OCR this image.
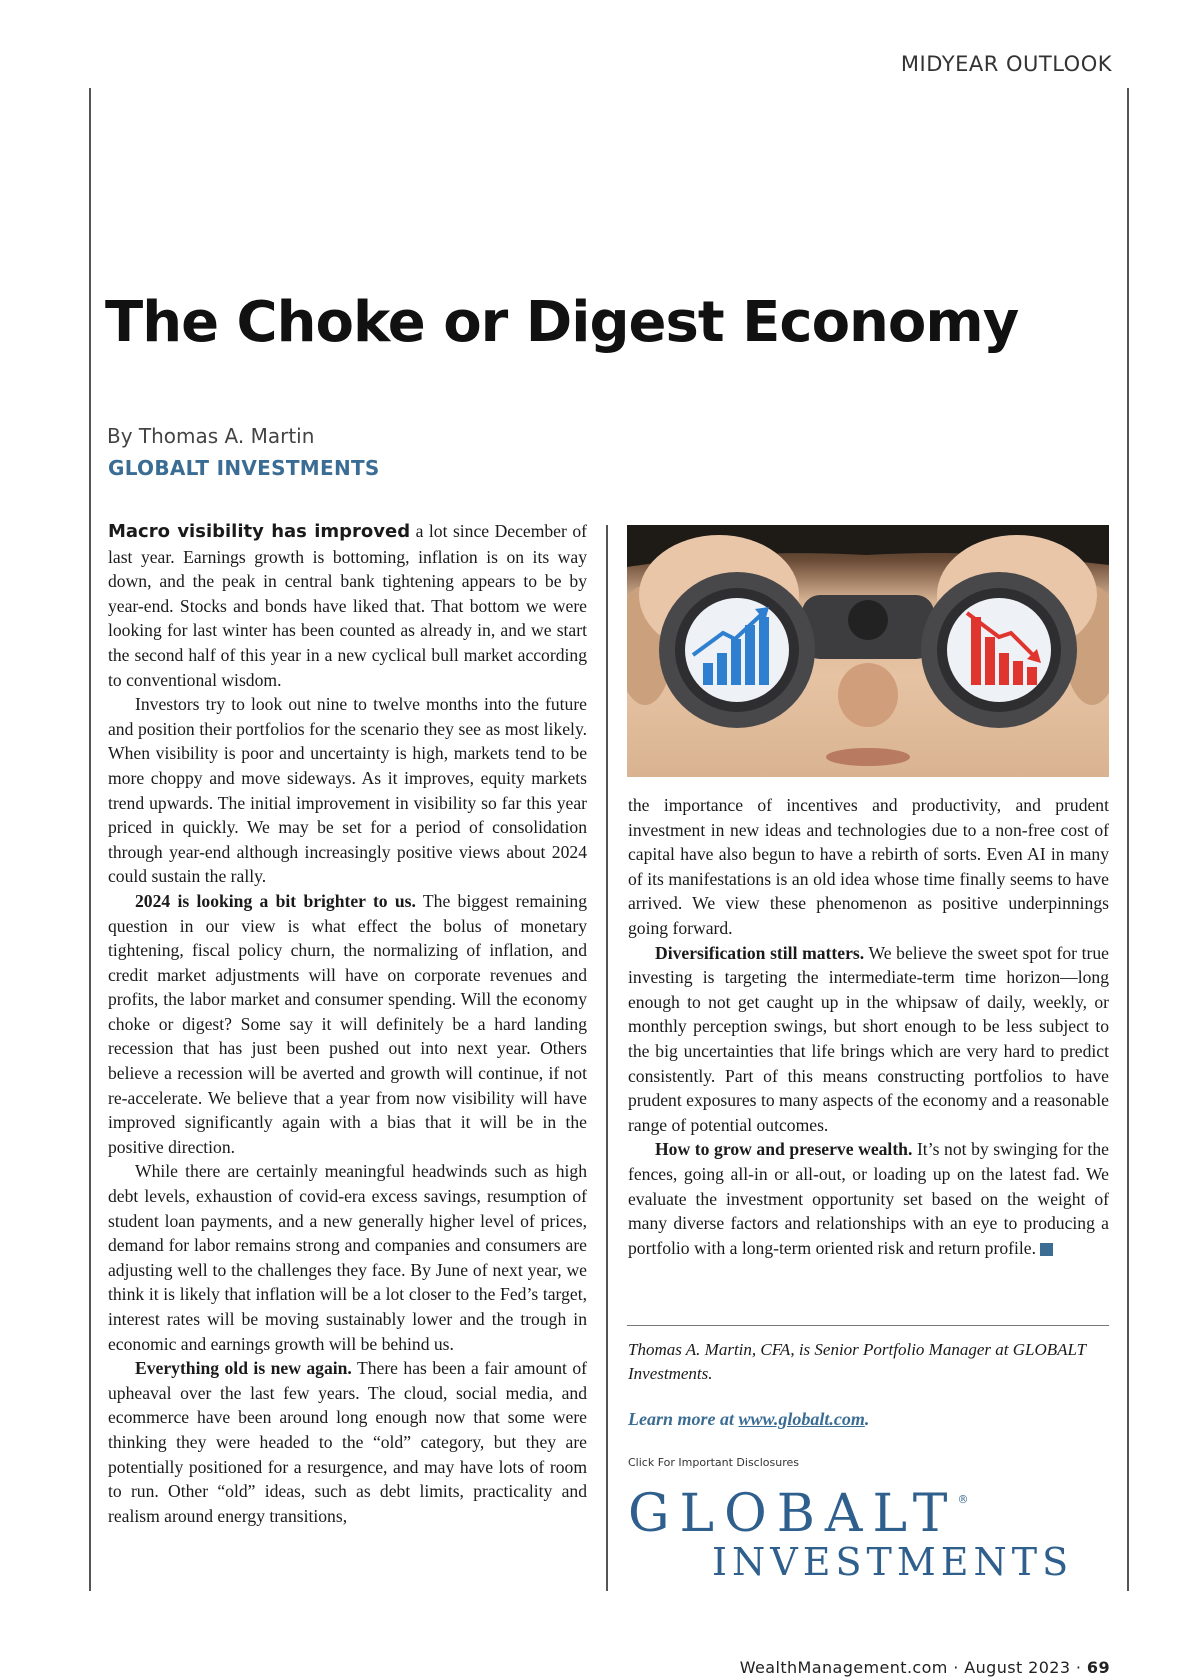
MIDYEAR OUTLOOK
The Choke or Digest Economy
By Thomas A. Martin
GLOBALT INVESTMENTS

Macro visibility has improved a lot since December of last year. Earnings growth is bottoming, inflation is on its way down, and the peak in central bank tightening appears to be by year-end. Stocks and bonds have liked that. That bottom we were looking for last winter has been counted as already in, and we start the second half of this year in a new cyclical bull market according to conventional wisdom.

Investors try to look out nine to twelve months into the future and position their portfolios for the scenario they see as most likely. When visibility is poor and uncertainty is high, markets tend to be more choppy and move sideways. As it improves, equity markets trend upwards. The initial improvement in visibility so far this year priced in quickly. We may be set for a period of consolidation through year-end although increasingly positive views about 2024 could sustain the rally.

2024 is looking a bit brighter to us. The biggest remaining question in our view is what effect the bolus of monetary tightening, fiscal policy churn, the normalizing of inflation, and credit market adjustments will have on corporate revenues and profits, the labor market and consumer spending. Will the economy choke or digest? Some say it will definitely be a hard landing recession that has just been pushed out into next year. Others believe a recession will be averted and growth will continue, if not re-accelerate. We believe that a year from now visibility will have improved significantly again with a bias that it will be in the positive direction.

While there are certainly meaningful headwinds such as high debt levels, exhaustion of covid-era excess savings, resumption of student loan payments, and a new generally higher level of prices, demand for labor remains strong and companies and consumers are adjusting well to the challenges they face. By June of next year, we think it is likely that inflation will be a lot closer to the Fed’s target, interest rates will be moving sustainably lower and the trough in economic and earnings growth will be behind us.

Everything old is new again. There has been a fair amount of upheaval over the last few years. The cloud, social media, and ecommerce have been around long enough now that some were thinking they were headed to the “old” category, but they are potentially positioned for a resurgence, and may have lots of room to run. Other “old” ideas, such as debt limits, practicality and realism around energy transitions,

the importance of incentives and productivity, and prudent investment in new ideas and technologies due to a non-free cost of capital have also begun to have a rebirth of sorts. Even AI in many of its manifestations is an old idea whose time finally seems to have arrived. We view these phenomenon as positive underpinnings going forward.

Diversification still matters. We believe the sweet spot for true investing is targeting the intermediate-term time horizon—long enough to not get caught up in the whipsaw of daily, weekly, or monthly perception swings, but short enough to be less subject to the big uncertainties that life brings which are very hard to predict consistently. Part of this means constructing portfolios to have prudent exposures to many aspects of the economy and a reasonable range of potential outcomes.

How to grow and preserve wealth. It’s not by swinging for the fences, going all-in or all-out, or loading up on the latest fad. We evaluate the investment opportunity set based on the weight of many diverse factors and relationships with an eye to producing a portfolio with a long-term oriented risk and return profile.

Thomas A. Martin, CFA, is Senior Portfolio Manager at GLOBALT Investments.
Learn more at www.globalt.com.
Click For Important Disclosures
GLOBALT®
INVESTMENTS
WealthManagement.com · August 2023 · 69
